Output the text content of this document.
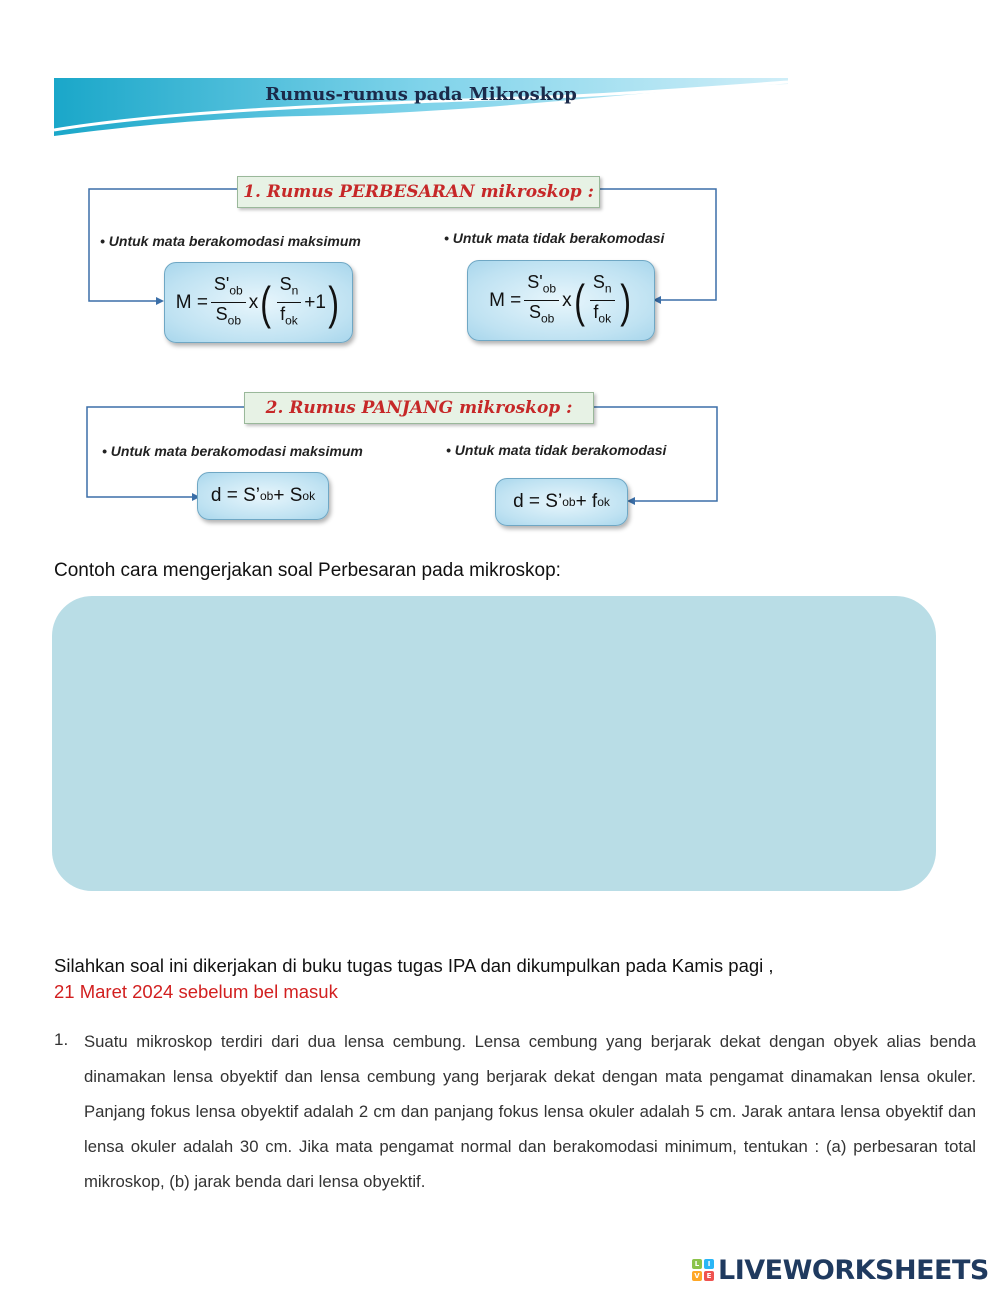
Rumus-rumus pada Mikroskop
1. Rumus PERBESARAN mikroskop :
• Untuk mata berakomodasi maksimum	• Untuk mata tidak berakomodasi
$M = \frac{S'_{ob}}{S_{ob}}$ x ( $\frac{S_n}{f_{ok}} +1$ )	$M = \frac{S'_{ob}}{S_{ob}}$ x ( $\frac{S_n}{f_{ok}}$ )
2. Rumus PANJANG mikroskop :
• Untuk mata berakomodasi maksimum	• Untuk mata tidak berakomodasi
d = S’ ob + S ok	d = S’ ob + f ok
Contoh cara mengerjakan soal Perbesaran pada mikroskop:
Silahkan soal ini dikerjakan di buku tugas tugas IPA dan dikumpulkan pada Kamis pagi ,
21 Maret 2024 sebelum bel masuk
1. Suatu mikroskop terdiri dari dua lensa cembung. Lensa cembung yang berjarak dekat dengan obyek alias benda dinamakan lensa obyektif dan lensa cembung yang berjarak dekat dengan mata pengamat dinamakan lensa okuler. Panjang fokus lensa obyektif adalah 2 cm dan panjang fokus lensa okuler adalah 5 cm. Jarak antara lensa obyektif dan lensa okuler adalah 30 cm. Jika mata pengamat normal dan berakomodasi minimum, tentukan : (a) perbesaran total mikroskop, (b) jarak benda dari lensa obyektif.
L	I
V E LIVEWORKSHEETS
